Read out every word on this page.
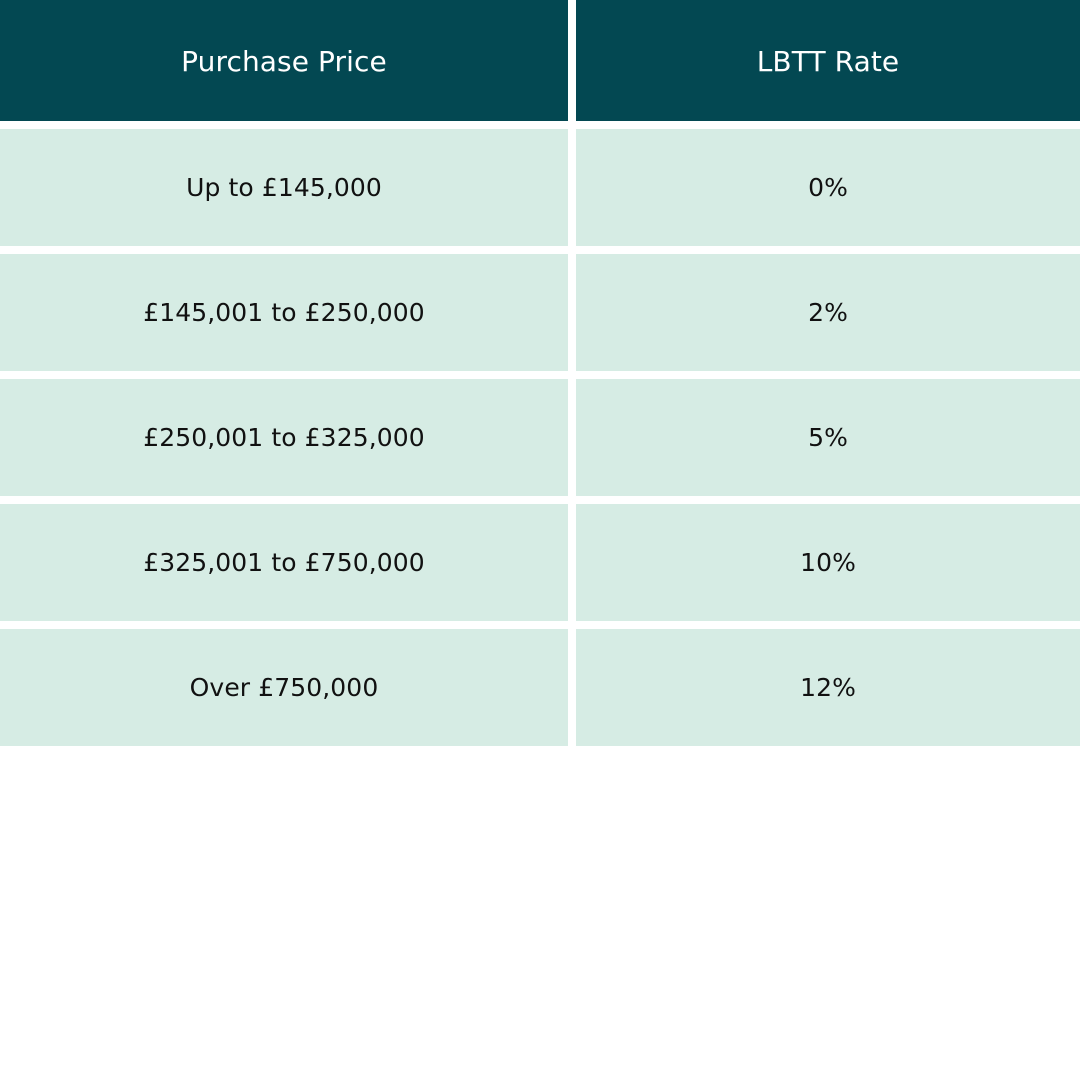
Purchase Price	LBTT Rate
Up to £145,000	0%
£145,001 to £250,000	2%
£250,001 to £325,000	5%
£325,001 to £750,000	10%
Over £750,000	12%
